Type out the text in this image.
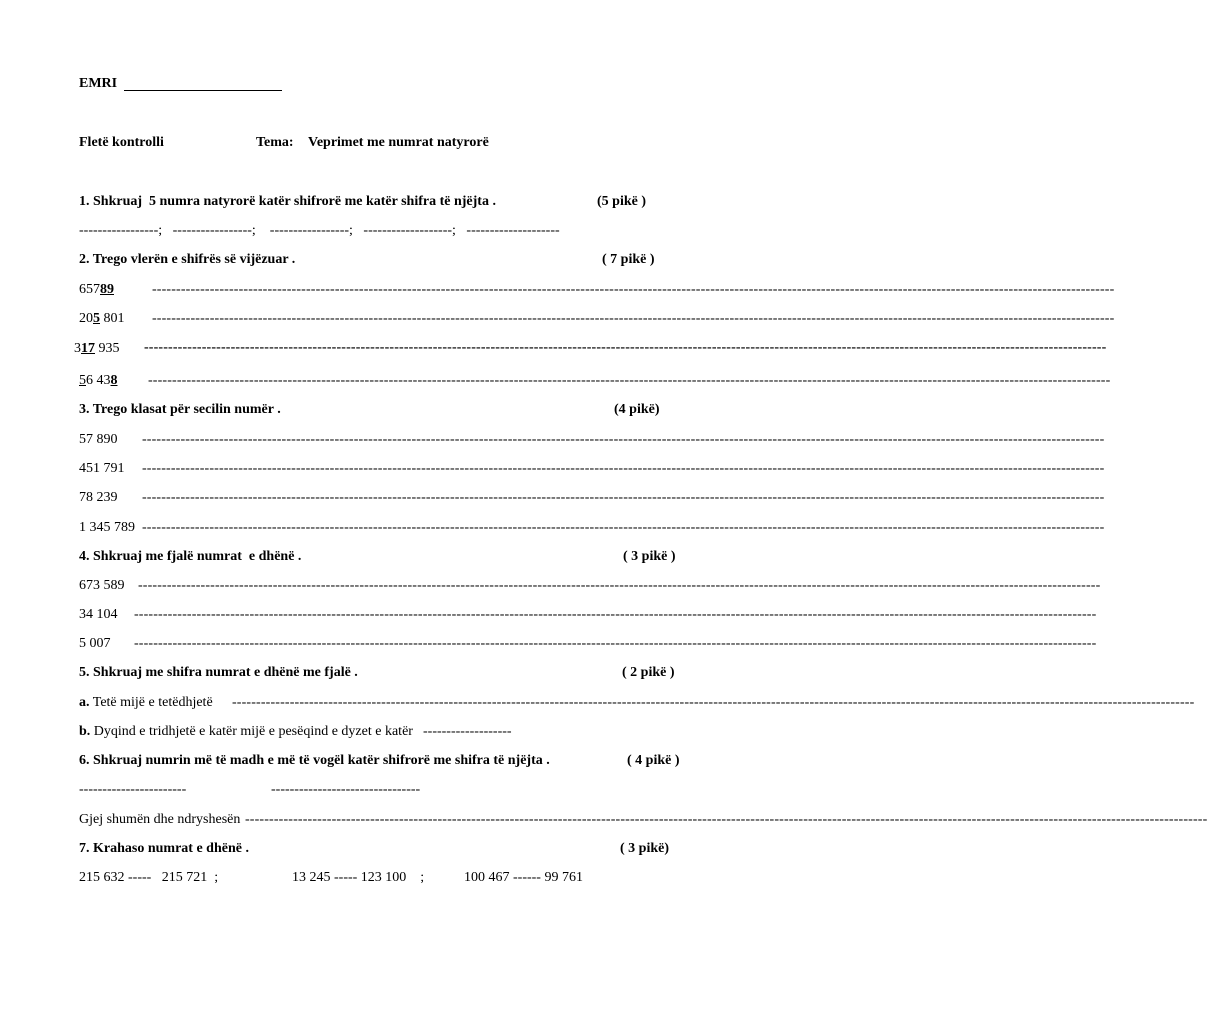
EMRI
Fletë kontrolli	Tema: Veprimet me numrat natyrorë
1. Shkruaj  5 numra natyrorë katër shifrorë me katër shifra të njëjta .	(5 pikë )
-----------------;   -----------------;    -----------------;   -------------------;   --------------------
2. Trego vlerën e shifrës së vijëzuar .	( 7 pikë )
65789	--------------------------------------------------------------------------------------------------------------------------------------------------------------------------------------------------------
205 801 --------------------------------------------------------------------------------------------------------------------------------------------------------------------------------------------------------
317 935 --------------------------------------------------------------------------------------------------------------------------------------------------------------------------------------------------------
56 438 --------------------------------------------------------------------------------------------------------------------------------------------------------------------------------------------------------
3. Trego klasat për secilin numër .	(4 pikë)
57 890 --------------------------------------------------------------------------------------------------------------------------------------------------------------------------------------------------------
451 791 --------------------------------------------------------------------------------------------------------------------------------------------------------------------------------------------------------
78 239 --------------------------------------------------------------------------------------------------------------------------------------------------------------------------------------------------------
1 345 789 --------------------------------------------------------------------------------------------------------------------------------------------------------------------------------------------------------
4. Shkruaj me fjalë numrat  e dhënë .	( 3 pikë )
673 589 --------------------------------------------------------------------------------------------------------------------------------------------------------------------------------------------------------
34 104 --------------------------------------------------------------------------------------------------------------------------------------------------------------------------------------------------------
5 007 --------------------------------------------------------------------------------------------------------------------------------------------------------------------------------------------------------
5. Shkruaj me shifra numrat e dhënë me fjalë .	( 2 pikë )
a. Tetë mijë e tetëdhjetë --------------------------------------------------------------------------------------------------------------------------------------------------------------------------------------------------------
b. Dyqind e tridhjetë e katër mijë e pesëqind e dyzet e katër -------------------
6. Shkruaj numrin më të madh e më të vogël katër shifrorë me shifra të njëjta .	( 4 pikë )
-----------------------	--------------------------------
Gjej shumën dhe ndryshesën --------------------------------------------------------------------------------------------------------------------------------------------------------------------------------------------------------
7. Krahaso numrat e dhënë .	( 3 pikë)
215 632 -----   215 721  ;	13 245 ----- 123 100    ;	100 467 ------ 99 761
